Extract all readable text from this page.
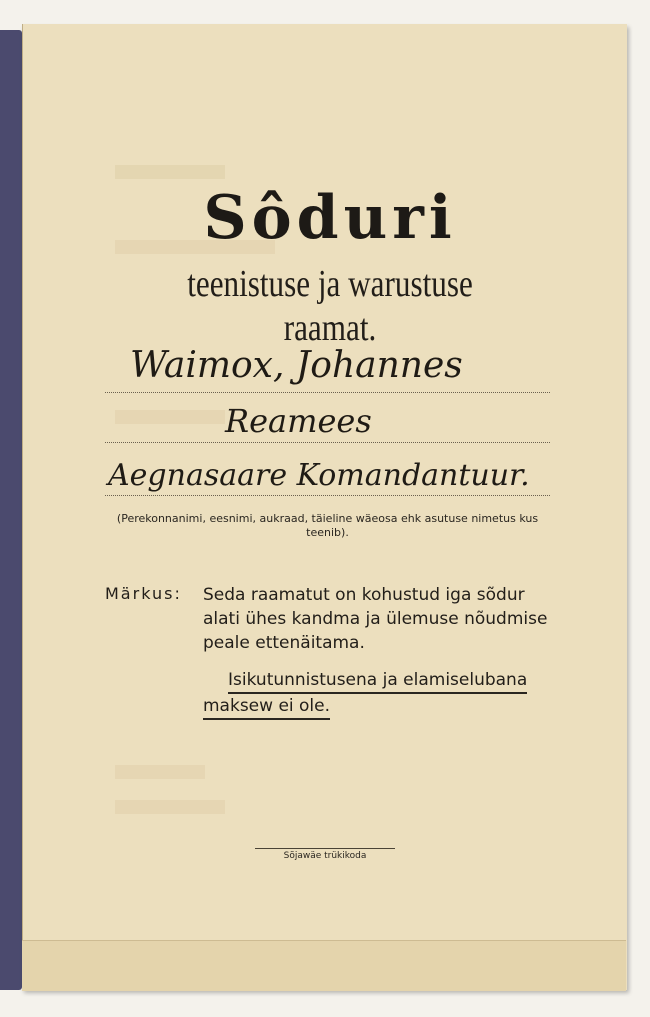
Sôduri
teenistuse ja warustuse raamat.
Waimox, Johannes
Reamees
Aegnasaare Komandantuur.
(Perekonnanimi, eesnimi, aukraad, täieline wäeosa ehk asutuse nimetus kus teenib).
Märkus: Seda raamatut on kohustud iga sõdur alati ühes kandma ja ülemuse nõudmise peale ettenäitama.
Isikutunnistusena ja elamiselubana
maksew ei ole.
Sõjawäe trükikoda
